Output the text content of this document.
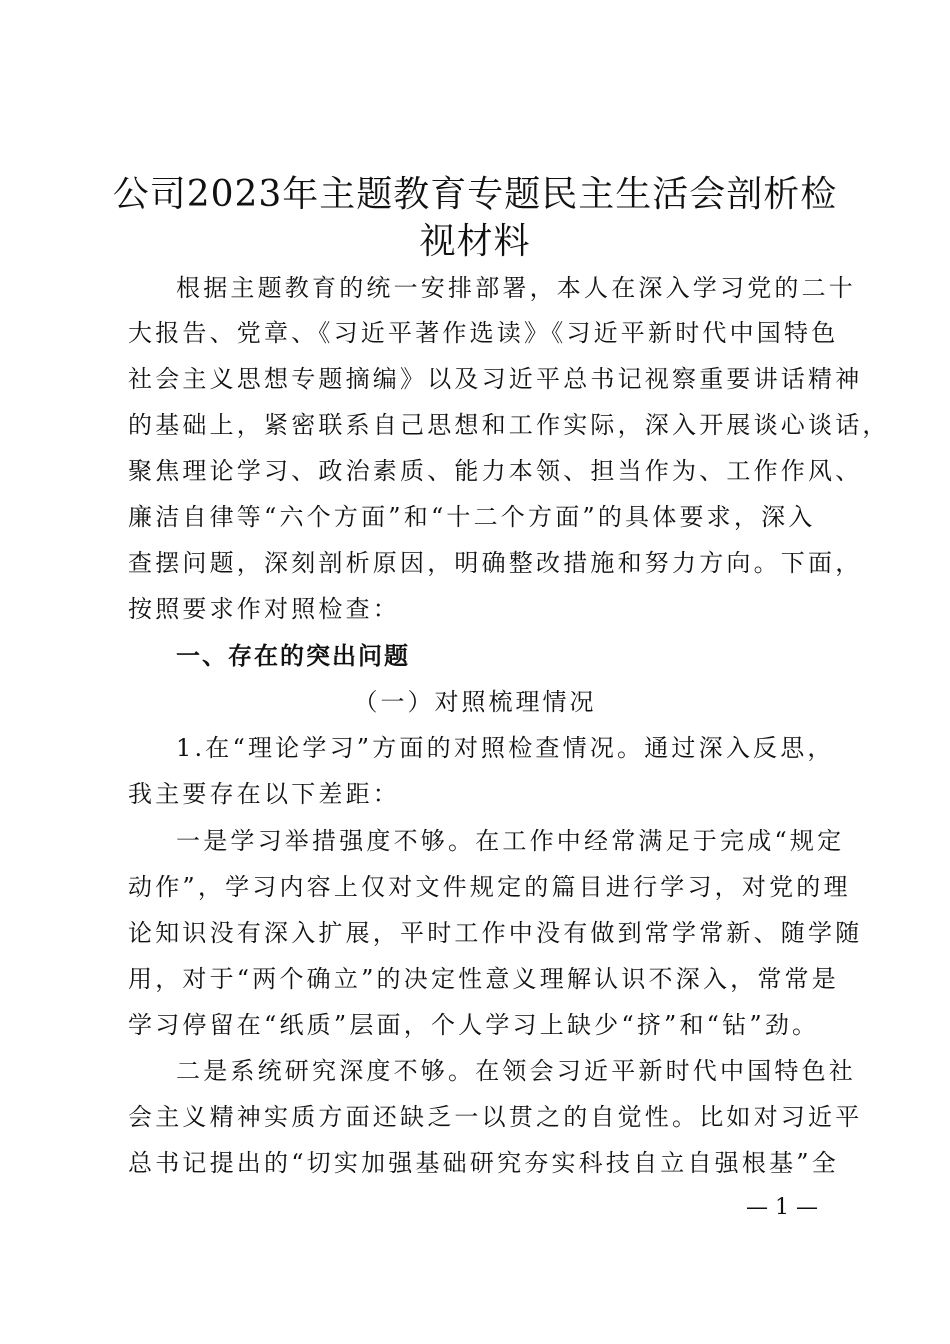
公司2023年主题教育专题民主生活会剖析检
视材料
根据主题教育的统一安排部署，本人在深入学习党的二十
大报告、党章、《习近平著作选读》《习近平新时代中国特色
社会主义思想专题摘编》以及习近平总书记视察重要讲话精神
的基础上，紧密联系自己思想和工作实际，深入开展谈心谈话，
聚焦理论学习、政治素质、能力本领、担当作为、工作作风、
廉洁自律等“六个方面”和“十二个方面”的具体要求，深入
查摆问题，深刻剖析原因，明确整改措施和努力方向。下面，
按照要求作对照检查：
一、存在的突出问题
（一）对照梳理情况
1.在“理论学习”方面的对照检查情况。通过深入反思，
我主要存在以下差距：
一是学习举措强度不够。在工作中经常满足于完成“规定
动作”，学习内容上仅对文件规定的篇目进行学习，对党的理
论知识没有深入扩展，平时工作中没有做到常学常新、随学随
用，对于“两个确立”的决定性意义理解认识不深入，常常是
学习停留在“纸质”层面，个人学习上缺少“挤”和“钻”劲。
二是系统研究深度不够。在领会习近平新时代中国特色社
会主义精神实质方面还缺乏一以贯之的自觉性。比如对习近平
总书记提出的“切实加强基础研究夯实科技自立自强根基”全
— 1 —
